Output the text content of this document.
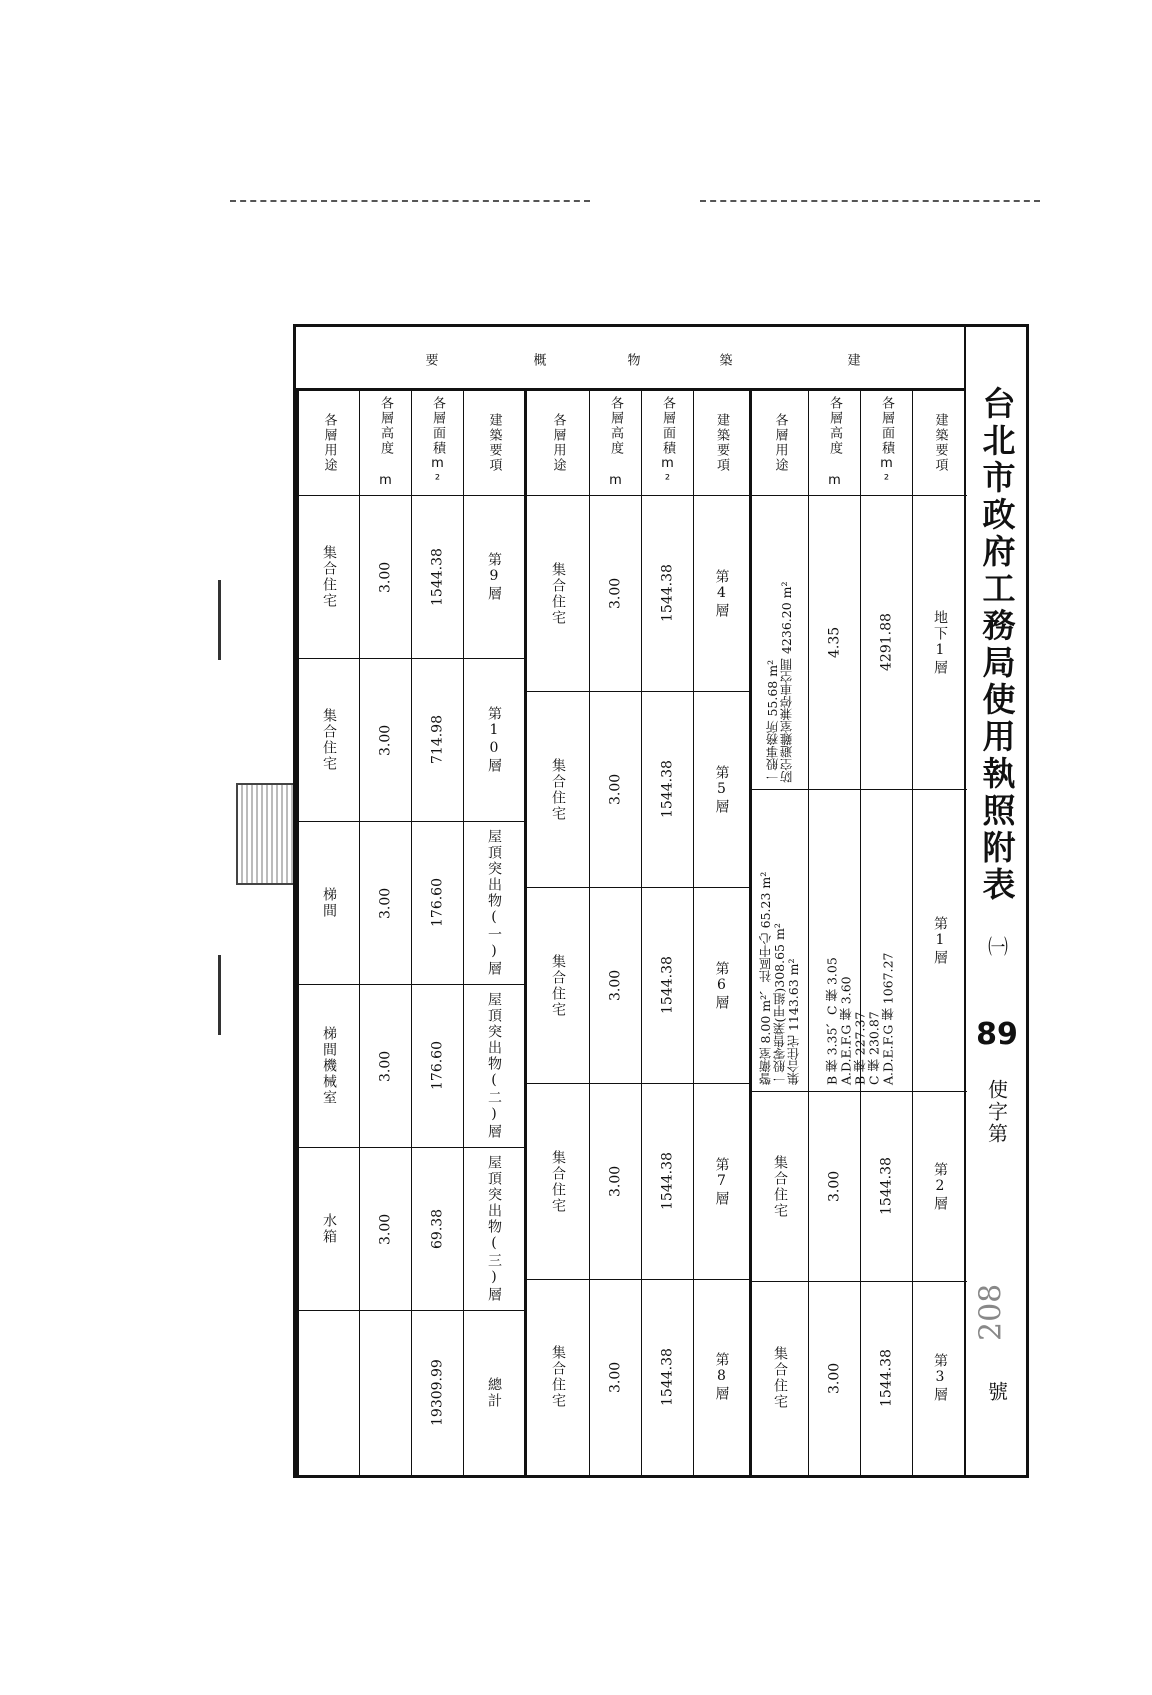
台北市政府工務局使用執照附表
㈠
89
使字第
208
號
建
築
物
概
要
各層用途
集合住宅
集合住宅
梯間
梯間機械室
水箱
各層高度 m
3.00
3.00
3.00
3.00
3.00
各層面積m²
1544.38
714.98
176.60
176.60
69.38
19309.99
建築要項
第9層
第10層
屋頂突出物(一)層
屋頂突出物(二)層
屋頂突出物(三)層
總計
各層用途
集合住宅
集合住宅
集合住宅
集合住宅
集合住宅
各層高度 m
3.00
3.00
3.00
3.00
3.00
各層面積m²
1544.38
1544.38
1544.38
1544.38
1544.38
建築要項
第4層
第5層
第6層
第7層
第8層
各層用途
一般事務所 55.68 m² 防空避難室兼停車空間 4236.20 m²
警衛室 8.00 m²、社區中心 65.23 m² 一般零售業(甲組)308.65 m² 集合住宅 1143.63 m²
集合住宅
集合住宅
各層高度 m
4.35
3.00
3.00
各層面積m²
4291.88
B 棟 3.35、C 棟 3.05 A.D.E.F.G 棟 3.60 B 棟 227.37 C 棟 230.87 A.D.E.F.G 棟 1067.27
1544.38
1544.38
建築要項
地下1層
第1層
第2層
第3層
